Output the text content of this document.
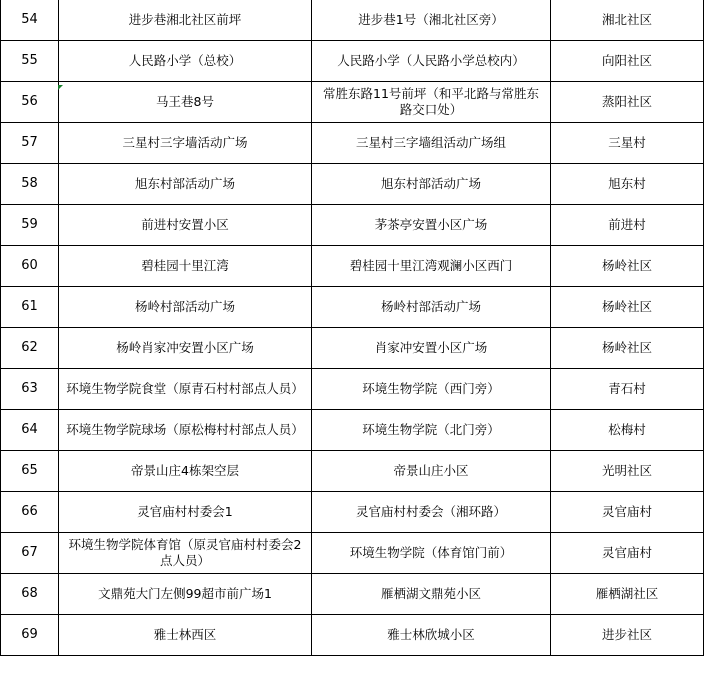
54	进步巷湘北社区前坪	进步巷1号（湘北社区旁）	湘北社区
55	人民路小学（总校）	人民路小学（人民路小学总校内）	向阳社区
56	马王巷8号	常胜东路11号前坪（和平北路与常胜东路交口处）	蒸阳社区
57	三星村三字墙活动广场	三星村三字墙组活动广场组	三星村
58	旭东村部活动广场	旭东村部活动广场	旭东村
59	前进村安置小区	茅茶亭安置小区广场	前进村
60	碧桂园十里江湾	碧桂园十里江湾观澜小区西门	杨岭社区
61	杨岭村部活动广场	杨岭村部活动广场	杨岭社区
62	杨岭肖家冲安置小区广场	肖家冲安置小区广场	杨岭社区
63	环境生物学院食堂（原青石村村部点人员）	环境生物学院（西门旁）	青石村
64	环境生物学院球场（原松梅村村部点人员）	环境生物学院（北门旁）	松梅村
65	帝景山庄4栋架空层	帝景山庄小区	光明社区
66	灵官庙村村委会1	灵官庙村村委会（湘环路）	灵官庙村
67	环境生物学院体育馆（原灵官庙村村委会2点人员）	环境生物学院（体育馆门前）	灵官庙村
68	文鼎苑大门左侧99超市前广场1	雁栖湖文鼎苑小区	雁栖湖社区
69	雅士林西区	雅士林欣城小区	进步社区
